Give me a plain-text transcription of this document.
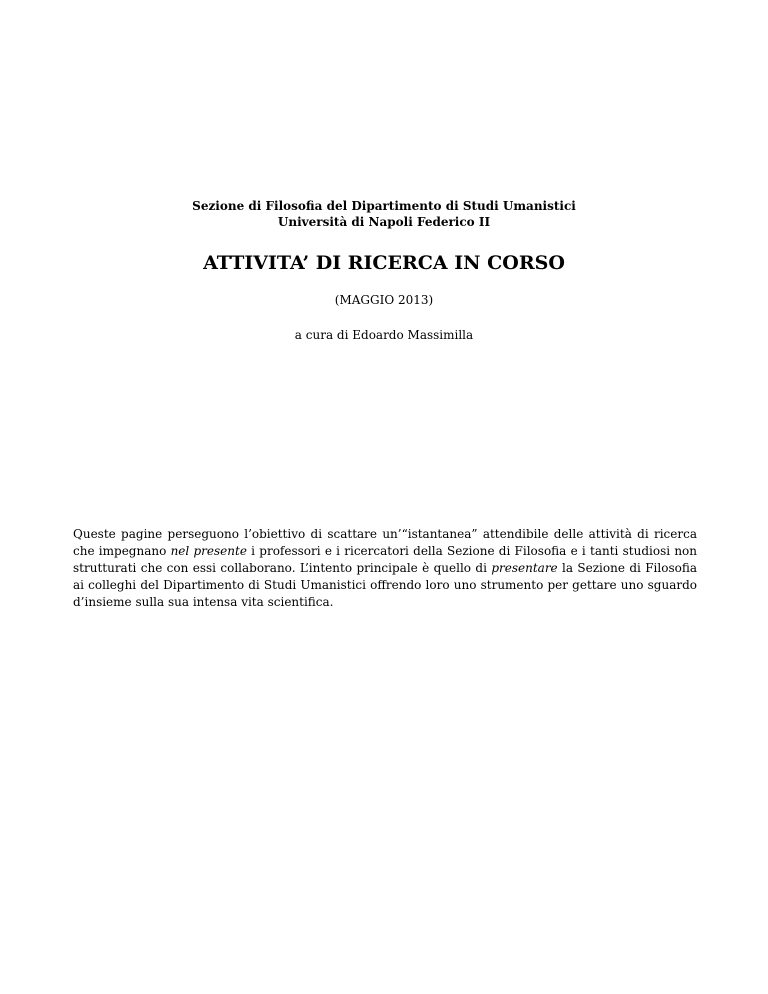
Sezione di Filosofia del Dipartimento di Studi Umanistici

Università di Napoli Federico II

ATTIVITA’ DI RICERCA IN CORSO
(MAGGIO 2013)
a cura di Edoardo Massimilla

Queste pagine perseguono l’obiettivo di scattare un’“istantanea” attendibile delle attività di ricerca che impegnano nel presente i professori e i ricercatori della Sezione di Filosofia e i tanti studiosi non strutturati che con essi collaborano. L’intento principale è quello di presentare la Sezione di Filosofia ai colleghi del Dipartimento di Studi Umanistici offrendo loro uno strumento per gettare uno sguardo d’insieme sulla sua intensa vita scientifica.
